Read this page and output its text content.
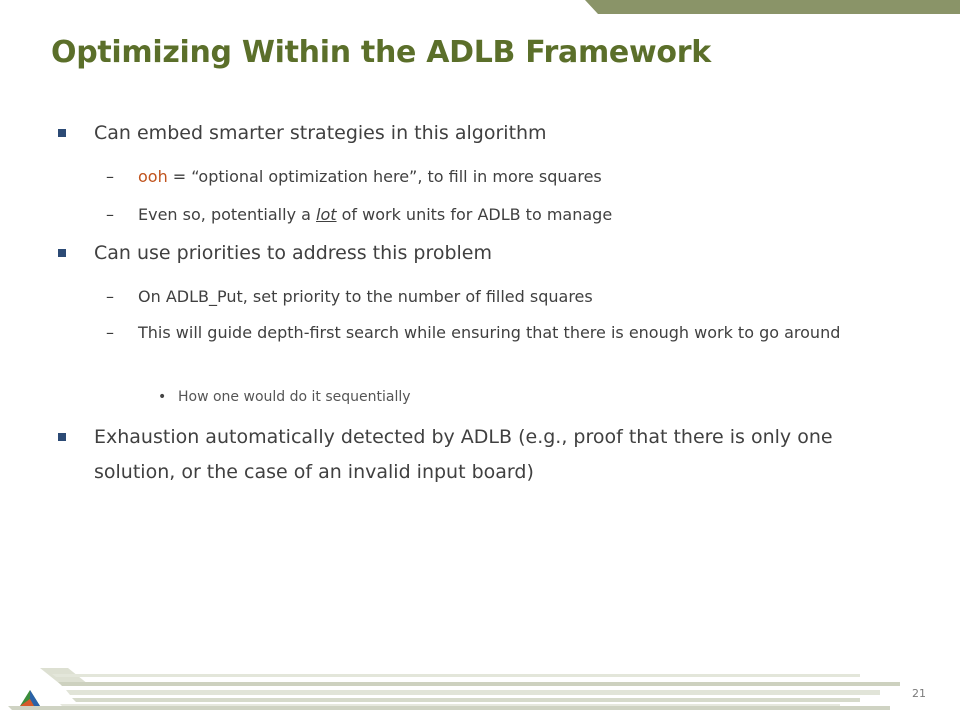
Optimizing Within the ADLB Framework
Can embed smarter strategies in this algorithm
– ooh = “optional optimization here”, to fill in more squares
– Even so, potentially a lot of work units for ADLB to manage
Can use priorities to address this problem
– On ADLB_Put, set priority to the number of filled squares
– This will guide depth-first search while ensuring that there is enough work to go around
• How one would do it sequentially
Exhaustion automatically detected by ADLB (e.g., proof that there is only one solution, or the case of an invalid input board)
21
